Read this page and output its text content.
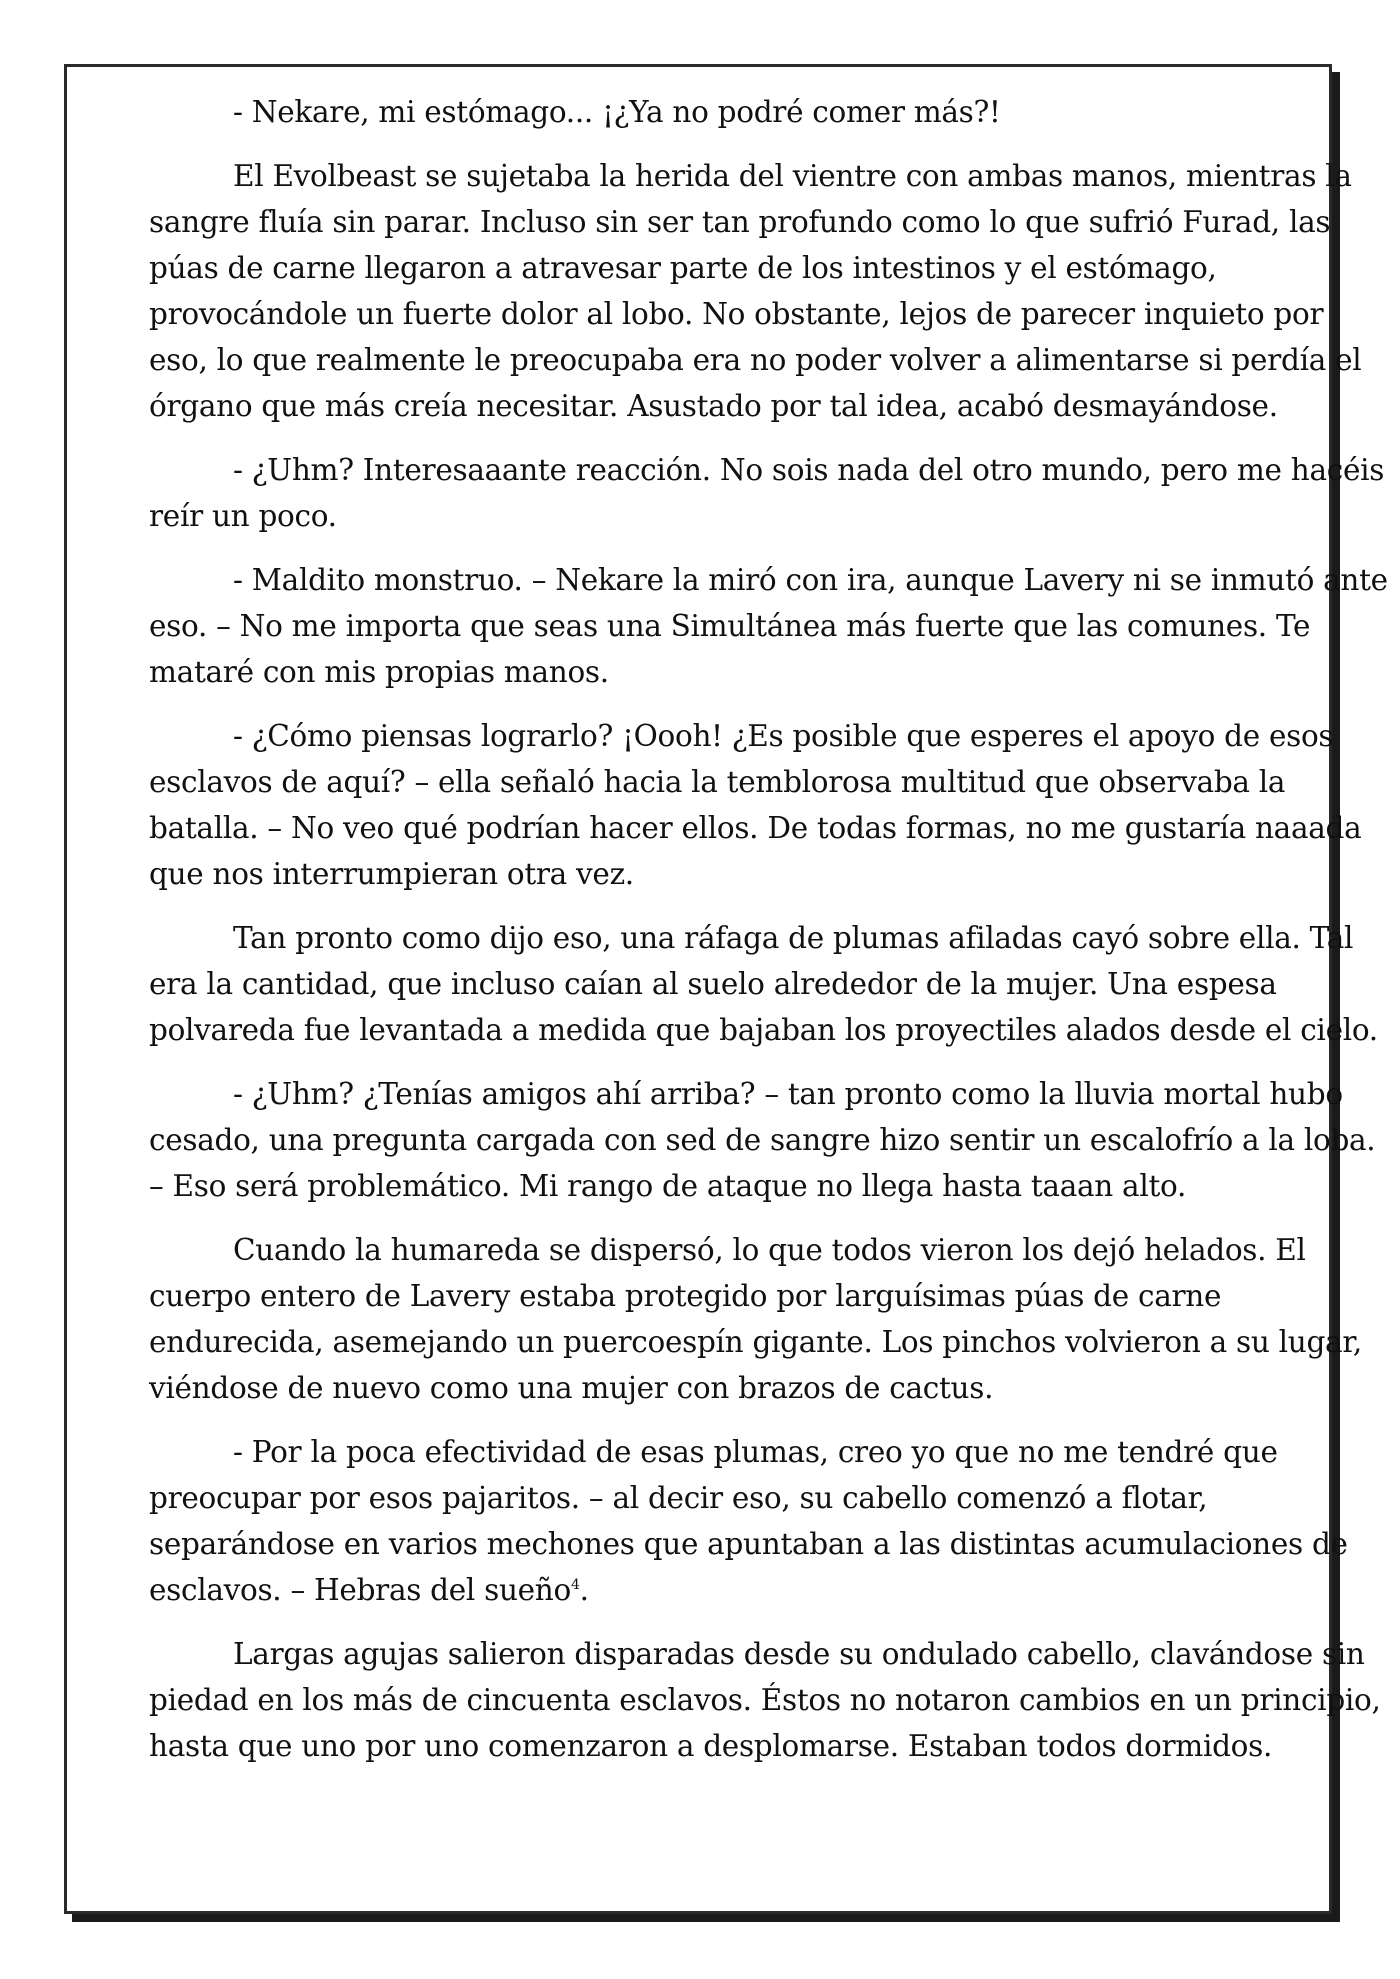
- Nekare, mi estómago... ¡¿Ya no podré comer más?!

El Evolbeast se sujetaba la herida del vientre con ambas manos, mientras la sangre fluía sin parar. Incluso sin ser tan profundo como lo que sufrió Furad, las púas de carne llegaron a atravesar parte de los intestinos y el estómago, provocándole un fuerte dolor al lobo. No obstante, lejos de parecer inquieto por eso, lo que realmente le preocupaba era no poder volver a alimentarse si perdía el órgano que más creía necesitar. Asustado por tal idea, acabó desmayándose.

- ¿Uhm? Interesaaante reacción. No sois nada del otro mundo, pero me hacéis reír un poco.

- Maldito monstruo. – Nekare la miró con ira, aunque Lavery ni se inmutó ante eso. – No me importa que seas una Simultánea más fuerte que las comunes. Te mataré con mis propias manos.

- ¿Cómo piensas lograrlo? ¡Oooh! ¿Es posible que esperes el apoyo de esos esclavos de aquí? – ella señaló hacia la temblorosa multitud que observaba la batalla. – No veo qué podrían hacer ellos. De todas formas, no me gustaría naaada que nos interrumpieran otra vez.

Tan pronto como dijo eso, una ráfaga de plumas afiladas cayó sobre ella. Tal era la cantidad, que incluso caían al suelo alrededor de la mujer. Una espesa polvareda fue levantada a medida que bajaban los proyectiles alados desde el cielo.

- ¿Uhm? ¿Tenías amigos ahí arriba? – tan pronto como la lluvia mortal hubo cesado, una pregunta cargada con sed de sangre hizo sentir un escalofrío a la loba. – Eso será problemático. Mi rango de ataque no llega hasta taaan alto.

Cuando la humareda se dispersó, lo que todos vieron los dejó helados. El cuerpo entero de Lavery estaba protegido por larguísimas púas de carne endurecida, asemejando un puercoespín gigante. Los pinchos volvieron a su lugar, viéndose de nuevo como una mujer con brazos de cactus.

- Por la poca efectividad de esas plumas, creo yo que no me tendré que preocupar por esos pajaritos. – al decir eso, su cabello comenzó a flotar, separándose en varios mechones que apuntaban a las distintas acumulaciones de esclavos. – Hebras del sueño$^4$.

Largas agujas salieron disparadas desde su ondulado cabello, clavándose sin piedad en los más de cincuenta esclavos. Éstos no notaron cambios en un principio, hasta que uno por uno comenzaron a desplomarse. Estaban todos dormidos.
